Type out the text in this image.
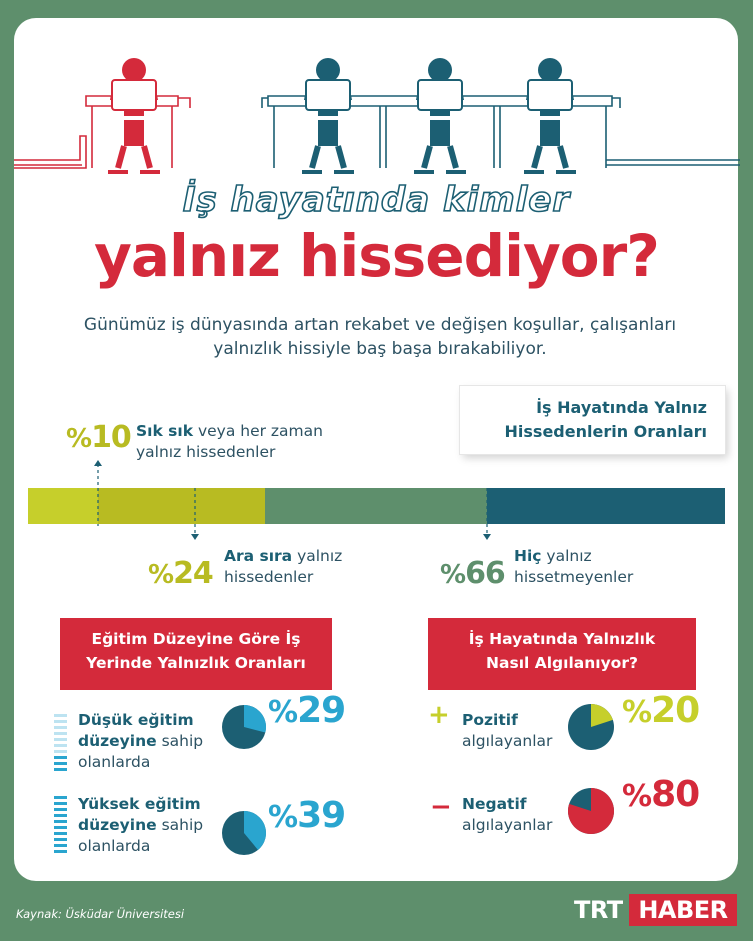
İş hayatında kimler
yalnız hissediyor?
Günümüz iş dünyasında artan rekabet ve değişen koşullar, çalışanları
yalnızlık hissiyle baş başa bırakabiliyor.
İş Hayatında Yalnız
Hissedenlerin Oranları
%10 Sık sık veya her zaman
yalnız hissedenler
%24 Ara sıra yalnız
hissedenler	%66 Hiç yalnız
hissetmeyenler
Eğitim Düzeyine Göre İş
Yerinde Yalnızlık Oranları
İş Hayatında Yalnızlık
Nasıl Algılanıyor?
Düşük eğitim
düzeyine sahip
olanlarda
%29
Yüksek eğitim
düzeyine sahip
olanlarda
%39
+ Pozitif
algılayanlar
%20
− Negatif
algılayanlar
%80
Kaynak: Üsküdar Üniversitesi	TRT HABER
